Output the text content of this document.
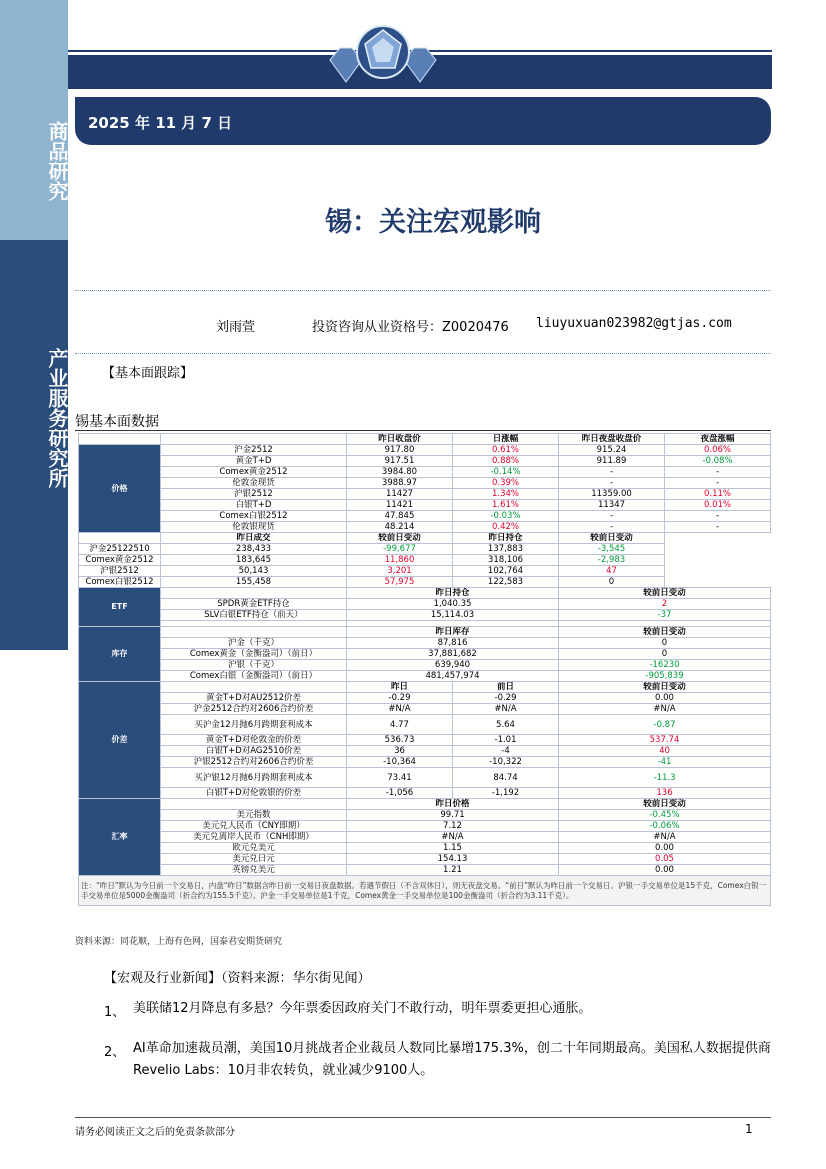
商品研究
产业服务研究所
2025 年 11 月 7 日
锡：关注宏观影响
刘雨萱	投资咨询从业资格号：Z0020476 liuyuxuan023982@gtjas.com
【基本面跟踪】
锡基本面数据
		昨日收盘价	日涨幅	昨日夜盘收盘价	夜盘涨幅
价格	沪金2512	917.80	0.61%	915.24	0.06%
	黄金T+D	917.51	0.88%	911.89	-0.08%
	Comex黄金2512	3984.80	-0.14%	-	-
	伦敦金现货	3988.97	0.39%	-	-
	沪银2512	11427	1.34%	11359.00	0.11%
	白银T+D	11421	1.61%	11347	0.01%
	Comex白银2512	47.845	-0.03%	-	-
	伦敦银现货	48.214	0.42%	-	-
	昨日成交	较前日变动	昨日持仓	较前日变动	
沪金25122510	238,433	-99,677	137,883	-3,545	
Comex黄金2512	183,645	11,860	318,106	-2,983	
沪银2512	50,143	3,201	102,764	47	
Comex白银2512	155,458	57,975	122,583	0	
ETF		昨日持仓		较前日变动	
	SPDR黄金ETF持仓	1,040.35		2	
	SLV白银ETF持仓（前天）	15,114.03		-37	

库存		昨日库存		较前日变动	
	沪金（千克）	87,816		0	
	Comex黄金（金衡盎司）（前日）	37,881,682		0	
	沪银（千克）	639,940		-16230	
	Comex白银（金衡盎司）（前日）	481,457,974		-905,839	
价差		昨日	前日	较前日变动	
	黄金T+D对AU2512价差	-0.29	-0.29	0.00	
	沪金2512合约对2606合约价差	#N/A	#N/A	#N/A	
	买沪金12月抛6月跨期套利成本	4.77	5.64	-0.87	
	黄金T+D对伦敦金的价差	536.73	-1.01	537.74	
	白银T+D对AG2510价差	36	-4	40	
	沪银2512合约对2606合约价差	-10,364	-10,322	-41	
	买沪银12月抛6月跨期套利成本	73.41	84.74	-11.3	
	白银T+D对伦敦银的价差	-1,056	-1,192	136	
汇率		昨日价格		较前日变动	
	美元指数	99.71		-0.45%	
	美元兑人民币（CNY即期）	7.12		-0.06%	
	美元兑离岸人民币（CNH即期）	#N/A		#N/A	
	欧元兑美元	1.15		0.00	
	美元兑日元	154.13		0.05	
	英镑兑美元	1.21		0.00	
注：“昨日”默认为今日前一个交易日，内盘“昨日”数据含昨日前一交易日夜盘数据。若遇节假日（不含双休日），则无夜盘交易。“前日”默认为昨日前一个交易日。沪银一手交易单位是15千克，Comex白银一手交易单位是5000金衡盎司（折合约为155.5千克）。沪金一手交易单位是1千克，Comex黄金一手交易单位是100金衡盎司（折合约为3.11千克）。					
资料来源：同花顺，上海有色网，国泰君安期货研究
【宏观及行业新闻】（资料来源：华尔街见闻）
1、 美联储12月降息有多悬？今年票委因政府关门不敢行动，明年票委更担心通胀。
2、 AI革命加速裁员潮，美国10月挑战者企业裁员人数同比暴增175.3%，创二十年同期最高。美国私人数据提供商Revelio Labs：10月非农转负，就业减少9100人。
请务必阅读正文之后的免责条款部分	1
